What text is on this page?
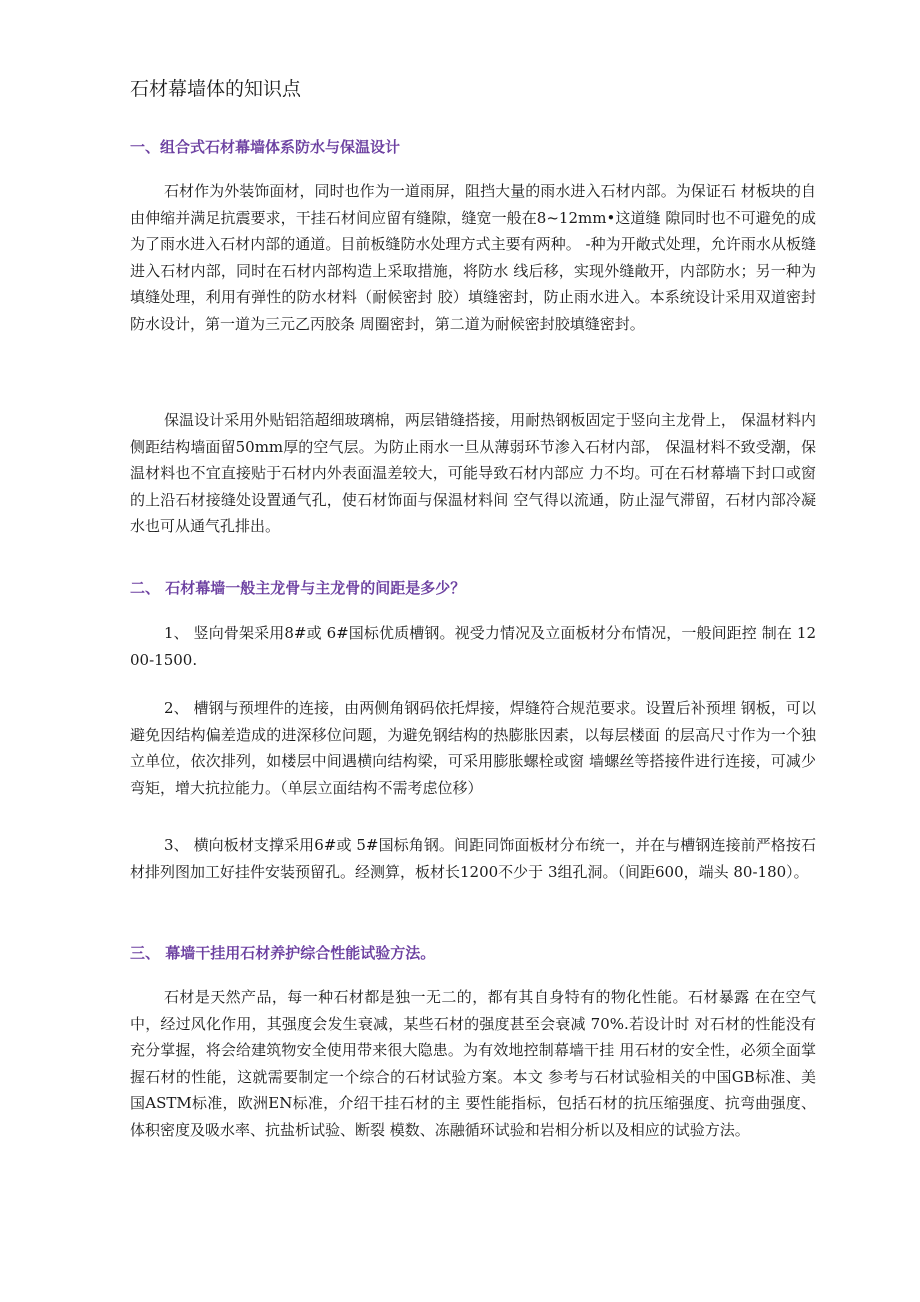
石材幕墙体的知识点
一、组合式石材幕墙体系防水与保温设计

石材作为外装饰面材，同时也作为一道雨屏，阻挡大量的雨水进入石材内部。为保证石 材板块的自由伸缩并满足抗震要求，干挂石材间应留有缝隙，缝宽一般在8~12mm•这道缝 隙同时也不可避免的成为了雨水进入石材内部的通道。目前板缝防水处理方式主要有两种。 -种为开敞式处理，允许雨水从板缝进入石材内部，同时在石材内部构造上采取措施，将防水 线后移，实现外缝敞开，内部防水；另一种为填缝处理，利用有弹性的防水材料（耐候密封 胶）填缝密封，防止雨水进入。本系统设计采用双道密封防水设计，第一道为三元乙丙胶条 周圈密封，第二道为耐候密封胶填缝密封。

保温设计采用外贴铝箔超细玻璃棉，两层错缝搭接，用耐热钢板固定于竖向主龙骨上， 保温材料内侧距结构墙面留50mm厚的空气层。为防止雨水一旦从薄弱环节渗入石材内部， 保温材料不致受潮，保温材料也不宜直接贴于石材内外表面温差较大，可能导致石材内部应 力不均。可在石材幕墙下封口或窗的上沿石材接缝处设置通气孔，使石材饰面与保温材料间 空气得以流通，防止湿气滞留，石材内部冷凝水也可从通气孔排出。

二、 石材幕墙一般主龙骨与主龙骨的间距是多少？

1、 竖向骨架采用8#或 6#国标优质槽钢。视受力情况及立面板材分布情况，一般间距控 制在 1200-1500.

2、 槽钢与预埋件的连接，由两侧角钢码依托焊接，焊缝符合规范要求。设置后补预埋 钢板，可以避免因结构偏差造成的进深移位问题，为避免钢结构的热膨胀因素，以每层楼面 的层高尺寸作为一个独立单位，依次排列，如楼层中间遇横向结构梁，可采用膨胀螺栓或窗 墙螺丝等搭接件进行连接，可减少弯矩，增大抗拉能力。（单层立面结构不需考虑位移）

3、 横向板材支撑采用6#或 5#国标角钢。间距同饰面板材分布统一，并在与槽钢连接前严格按石材排列图加工好挂件安装预留孔。经测算，板材长1200不少于 3组孔洞。（间距600，端头 80-180）。

三、 幕墙干挂用石材养护综合性能试验方法。

石材是天然产品，每一种石材都是独一无二的，都有其自身特有的物化性能。石材暴露 在在空气中，经过风化作用，其强度会发生衰减，某些石材的强度甚至会衰减 70%.若设计时 对石材的性能没有充分掌握，将会给建筑物安全使用带来很大隐患。为有效地控制幕墙干挂 用石材的安全性，必须全面掌握石材的性能，这就需要制定一个综合的石材试验方案。本文 参考与石材试验相关的中国GB标准、美国ASTM标准，欧洲EN标准，介绍干挂石材的主 要性能指标，包括石材的抗压缩强度、抗弯曲强度、体积密度及吸水率、抗盐析试验、断裂 模数、冻融循环试验和岩相分析以及相应的试验方法。
